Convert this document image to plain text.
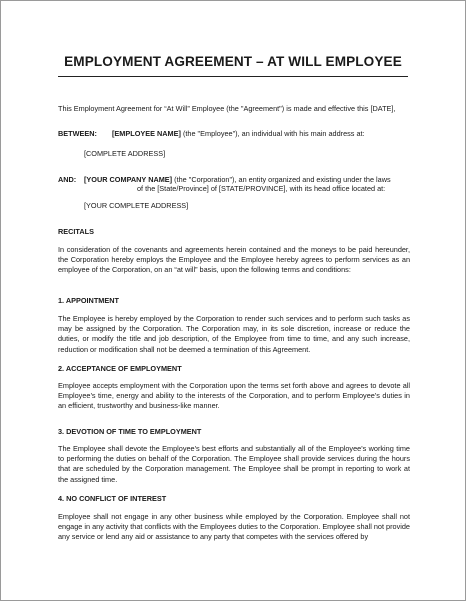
EMPLOYMENT AGREEMENT – AT WILL EMPLOYEE

This Employment Agreement for “At Will” Employee (the "Agreement") is made and effective this [DATE],

BETWEEN: [EMPLOYEE NAME] (the "Employee"), an individual with his main address at:

[COMPLETE ADDRESS]

AND: [YOUR COMPANY NAME] (the "Corporation"), an entity organized and existing under the laws

of the [State/Province] of [STATE/PROVINCE], with its head office located at:

[YOUR COMPLETE ADDRESS]

RECITALS

In consideration of the covenants and agreements herein contained and the moneys to be paid hereunder, the Corporation hereby employs the Employee and the Employee hereby agrees to perform services as an employee of the Corporation, on an “at will” basis, upon the following terms and conditions:

1. APPOINTMENT

The Employee is hereby employed by the Corporation to render such services and to perform such tasks as may be assigned by the Corporation. The Corporation may, in its sole discretion, increase or reduce the duties, or modify the title and job description, of the Employee from time to time, and any such increase, reduction or modification shall not be deemed a termination of this Agreement.

2. ACCEPTANCE OF EMPLOYMENT

Employee accepts employment with the Corporation upon the terms set forth above and agrees to devote all Employee’s time, energy and ability to the interests of the Corporation, and to perform Employee’s duties in an efficient, trustworthy and business-like manner.

3. DEVOTION OF TIME TO EMPLOYMENT

The Employee shall devote the Employee's best efforts and substantially all of the Employee's working time to performing the duties on behalf of the Corporation. The Employee shall provide services during the hours that are scheduled by the Corporation management. The Employee shall be prompt in reporting to work at the assigned time.

4. NO CONFLICT OF INTEREST

Employee shall not engage in any other business while employed by the Corporation. Employee shall not engage in any activity that conflicts with the Employees duties to the Corporation. Employee shall not provide any service or lend any aid or assistance to any party that competes with the services offered by
